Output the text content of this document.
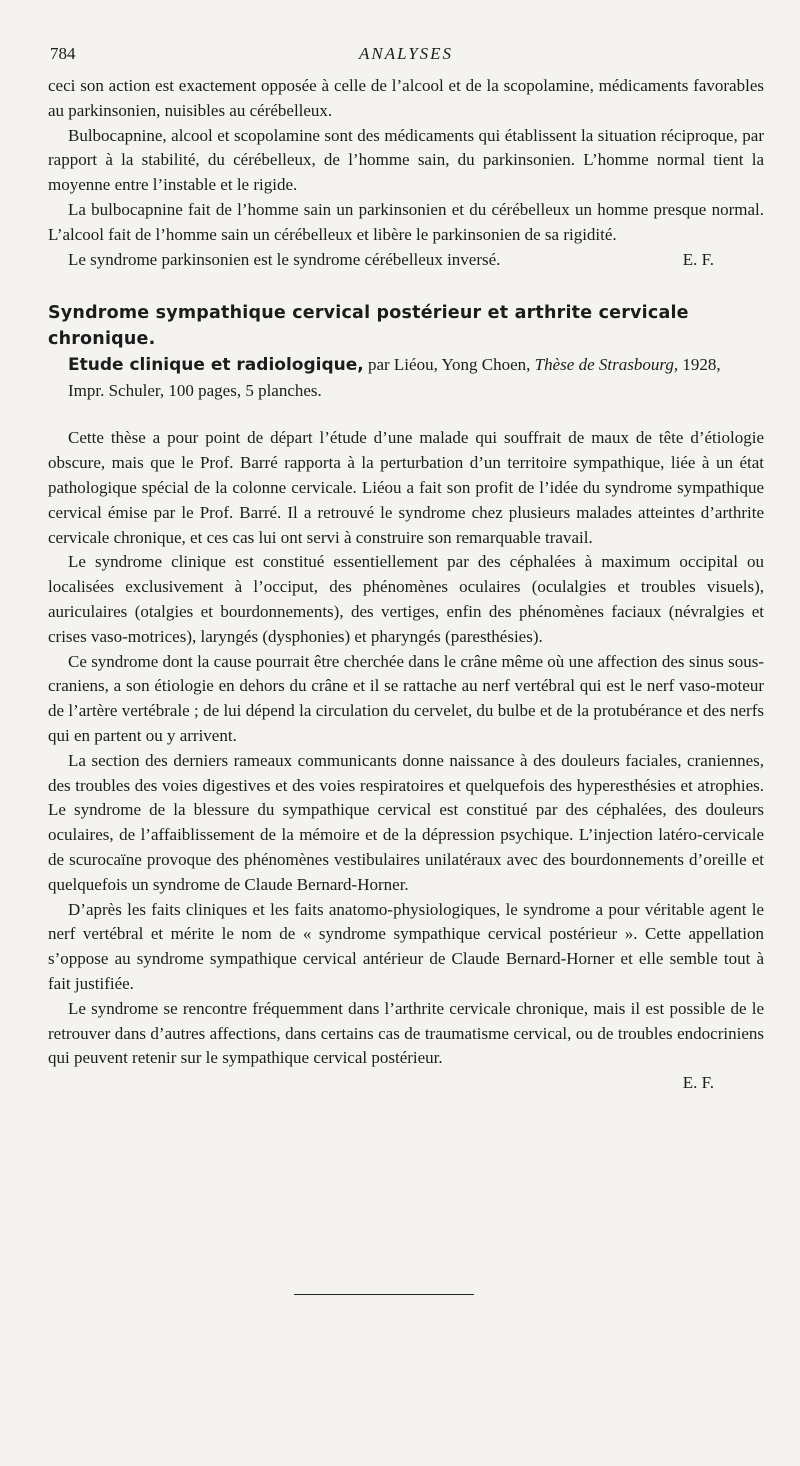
784	ANALYSES

ceci son action est exactement opposée à celle de l’alcool et de la scopolamine, médicaments favorables au parkinsonien, nuisibles au cérébelleux.

Bulbocapnine, alcool et scopolamine sont des médicaments qui établissent la situation réciproque, par rapport à la stabilité, du cérébelleux, de l’homme sain, du parkinsonien. L’homme normal tient la moyenne entre l’instable et le rigide.

La bulbocapnine fait de l’homme sain un parkinsonien et du cérébelleux un homme presque normal. L’alcool fait de l’homme sain un cérébelleux et libère le parkinsonien de sa rigidité.

Le syndrome parkinsonien est le syndrome cérébelleux inversé.	E. F.

Syndrome sympathique cervical postérieur et arthrite cervicale chronique.
Etude clinique et radiologique, par Liéou, Yong Choen, Thèse de Strasbourg, 1928,
Impr. Schuler, 100 pages, 5 planches.

Cette thèse a pour point de départ l’étude d’une malade qui souffrait de maux de tête d’étiologie obscure, mais que le Prof. Barré rapporta à la perturbation d’un territoire sympathique, liée à un état pathologique spécial de la colonne cervicale. Liéou a fait son profit de l’idée du syndrome sympathique cervical émise par le Prof. Barré. Il a retrouvé le syndrome chez plusieurs malades atteintes d’arthrite cervicale chronique, et ces cas lui ont servi à construire son remarquable travail.

Le syndrome clinique est constitué essentiellement par des céphalées à maximum occipital ou localisées exclusivement à l’occiput, des phénomènes oculaires (oculalgies et troubles visuels), auriculaires (otalgies et bourdonnements), des vertiges, enfin des phénomènes faciaux (névralgies et crises vaso-motrices), laryngés (dysphonies) et pharyngés (paresthésies).

Ce syndrome dont la cause pourrait être cherchée dans le crâne même où une affection des sinus sous-craniens, a son étiologie en dehors du crâne et il se rattache au nerf vertébral qui est le nerf vaso-moteur de l’artère vertébrale ; de lui dépend la circulation du cervelet, du bulbe et de la protubérance et des nerfs qui en partent ou y arrivent.

La section des derniers rameaux communicants donne naissance à des douleurs faciales, craniennes, des troubles des voies digestives et des voies respiratoires et quelquefois des hyperesthésies et atrophies. Le syndrome de la blessure du sympathique cervical est constitué par des céphalées, des douleurs oculaires, de l’affaiblissement de la mémoire et de la dépression psychique. L’injection latéro-cervicale de scurocaïne provoque des phénomènes vestibulaires unilatéraux avec des bourdonnements d’oreille et quelquefois un syndrome de Claude Bernard-Horner.

D’après les faits cliniques et les faits anatomo-physiologiques, le syndrome a pour véritable agent le nerf vertébral et mérite le nom de « syndrome sympathique cervical postérieur ». Cette appellation s’oppose au syndrome sympathique cervical antérieur de Claude Bernard-Horner et elle semble tout à fait justifiée.

Le syndrome se rencontre fréquemment dans l’arthrite cervicale chronique, mais il est possible de le retrouver dans d’autres affections, dans certains cas de traumatisme cervical, ou de troubles endocriniens qui peuvent retenir sur le sympathique cervical postérieur.

E. F.
